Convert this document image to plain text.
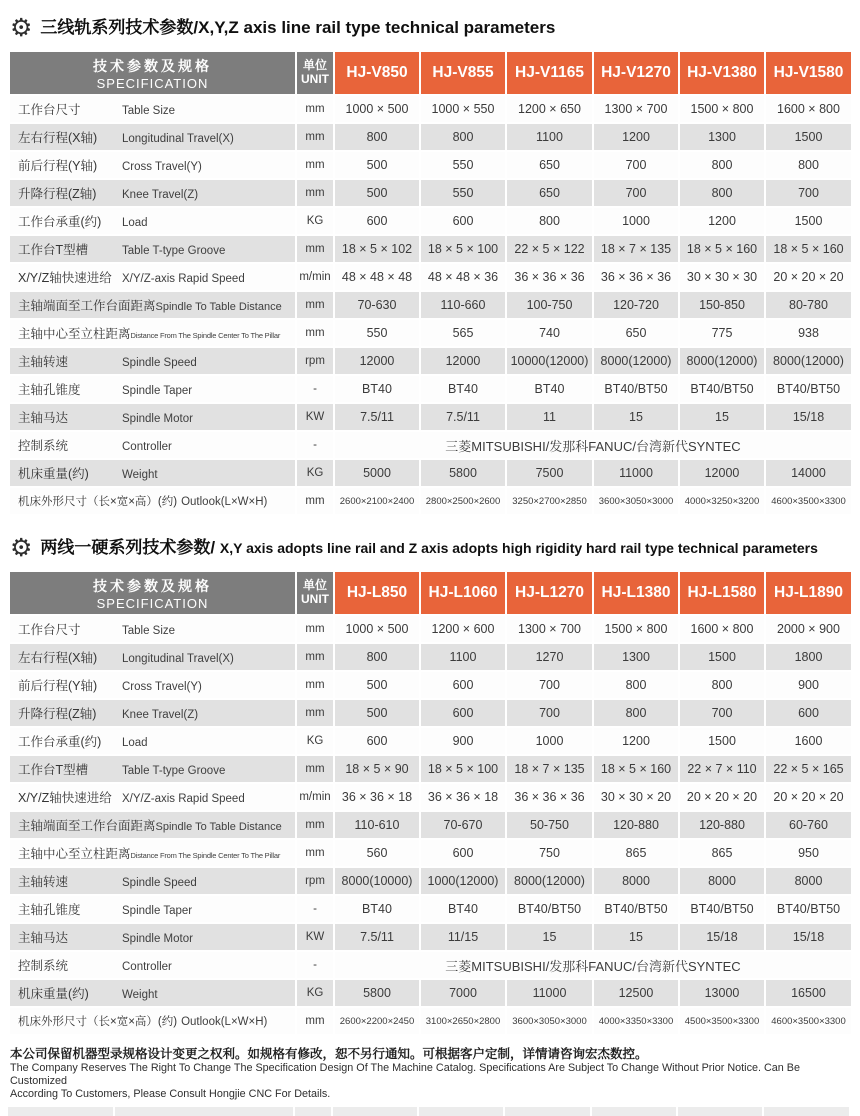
⚙ 三线轨系列技术参数/X,Y,Z axis line rail type technical parameters
技术参数及规格
SPECIFICATION

单位
UNIT	HJ-V850	HJ-V855	HJ-V1165	HJ-V1270	HJ-V1380	HJ-V1580
工作台尺寸 Table Size	mm	1000 × 500	1000 × 550	1200 × 650	1300 × 700	1500 × 800	1600 × 800
左右行程(X轴) Longitudinal Travel(X)	mm	800	800	1100	1200	1300	1500
前后行程(Y轴) Cross Travel(Y)	mm	500	550	650	700	800	800
升降行程(Z轴) Knee Travel(Z)	mm	500	550	650	700	800	700
工作台承重(约) Load	KG	600	600	800	1000	1200	1500
工作台T型槽 Table T-type Groove	mm	18 × 5 × 102	18 × 5 × 100	22 × 5 × 122	18 × 7 × 135	18 × 5 × 160	18 × 5 × 160
X/Y/Z轴快速进给 X/Y/Z-axis Rapid Speed	m/min	48 × 48 × 48	48 × 48 × 36	36 × 36 × 36	36 × 36 × 36	30 × 30 × 30	20 × 20 × 20
主轴端面至工作台面距离Spindle To Table Distance	mm	70-630	110-660	100-750	120-720	150-850	80-780
主轴中心至立柱距离Distance From The Spindle Center To The Pillar	mm	550	565	740	650	775	938
主轴转速 Spindle Speed	rpm	12000	12000	10000(12000)	8000(12000)	8000(12000)	8000(12000)
主轴孔锥度 Spindle Taper	-	BT40	BT40	BT40	BT40/BT50	BT40/BT50	BT40/BT50
主轴马达 Spindle Motor	KW	7.5/11	7.5/11	11	15	15	15/18
控制系统 Controller	-	三菱MITSUBISHI/发那科FANUC/台湾新代SYNTEC					
机床重量(约) Weight	KG	5000	5800	7500	11000	12000	14000
机床外形尺寸（长×宽×高）(约) Outlook(L×W×H)	mm	2600×2100×2400	2800×2500×2600	3250×2700×2850	3600×3050×3000	4000×3250×3200	4600×3500×3300
⚙ 两线一硬系列技术参数/ X,Y axis adopts line rail and Z axis adopts high rigidity hard rail type technical parameters
技术参数及规格
SPECIFICATION

单位
UNIT	HJ-L850	HJ-L1060	HJ-L1270	HJ-L1380	HJ-L1580	HJ-L1890
工作台尺寸 Table Size	mm	1000 × 500	1200 × 600	1300 × 700	1500 × 800	1600 × 800	2000 × 900
左右行程(X轴) Longitudinal Travel(X)	mm	800	1100	1270	1300	1500	1800
前后行程(Y轴) Cross Travel(Y)	mm	500	600	700	800	800	900
升降行程(Z轴) Knee Travel(Z)	mm	500	600	700	800	700	600
工作台承重(约) Load	KG	600	900	1000	1200	1500	1600
工作台T型槽 Table T-type Groove	mm	18 × 5 × 90	18 × 5 × 100	18 × 7 × 135	18 × 5 × 160	22 × 7 × 110	22 × 5 × 165
X/Y/Z轴快速进给 X/Y/Z-axis Rapid Speed	m/min	36 × 36 × 18	36 × 36 × 18	36 × 36 × 36	30 × 30 × 20	20 × 20 × 20	20 × 20 × 20
主轴端面至工作台面距离Spindle To Table Distance	mm	110-610	70-670	50-750	120-880	120-880	60-760
主轴中心至立柱距离Distance From The Spindle Center To The Pillar	mm	560	600	750	865	865	950
主轴转速 Spindle Speed	rpm	8000(10000)	1000(12000)	8000(12000)	8000	8000	8000
主轴孔锥度 Spindle Taper	-	BT40	BT40	BT40/BT50	BT40/BT50	BT40/BT50	BT40/BT50
主轴马达 Spindle Motor	KW	7.5/11	11/15	15	15	15/18	15/18
控制系统 Controller	-	三菱MITSUBISHI/发那科FANUC/台湾新代SYNTEC					
机床重量(约) Weight	KG	5800	7000	11000	12500	13000	16500
机床外形尺寸（长×宽×高）(约) Outlook(L×W×H)	mm	2600×2200×2450	3100×2650×2800	3600×3050×3000	4000×3350×3300	4500×3500×3300	4600×3500×3300
本公司保留机器型录规格设计变更之权利。如规格有修改，恕不另行通知。可根据客户定制，详情请咨询宏杰数控。
The Company Reserves The Right To Change The Specification Design Of The Machine Catalog. Specifications Are Subject To Change Without Prior Notice. Can Be Customized
According To Customers, Please Consult Hongjie CNC For Details.
